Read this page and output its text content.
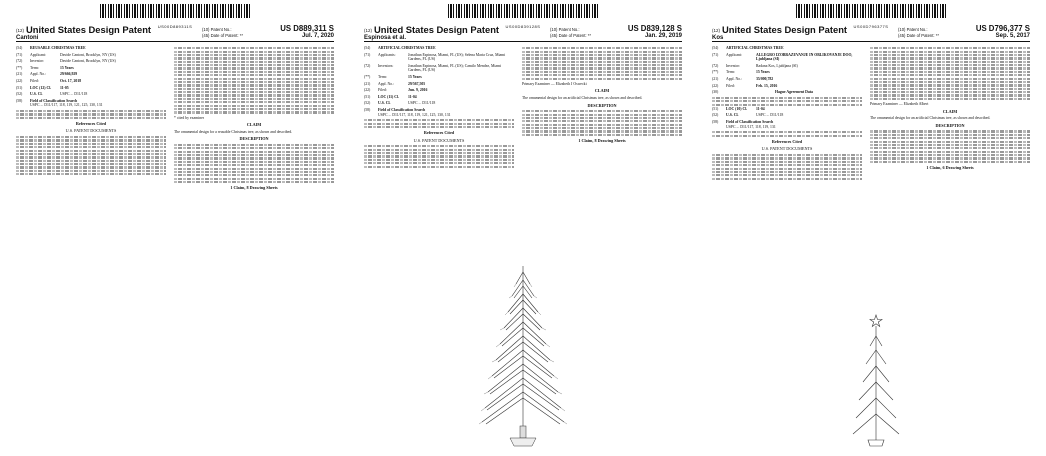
US00D889311S
(12) United States Design Patent
Cantoni
(10) Patent No.:	US D889,311 S
(45) Date of Patent: **	Jul. 7, 2020
(54)	REUSABLE CHRISTMAS TREE
(71)	Applicant:	Davide Cantoni, Brooklyn, NY (US)
(72)	Inventor:	Davide Cantoni, Brooklyn, NY (US)
(**)	Term:	15 Years
(21)	Appl. No.:	29/666,929
(22)	Filed:	Oct. 17, 2018
(51)	LOC (12) Cl.	11-05
(52)	U.S. Cl.	USPC ... D11/118
(58)	Field of Classification Search
USPC ... D11/117, 118, 119, 121, 125, 130, 131
References Cited
U.S. PATENT DOCUMENTS
* cited by examiner
CLAIM
The ornamental design for a reusable Christmas tree, as shown and described.
DESCRIPTION
1 Claim, 8 Drawing Sheets
US00D839128S
(12) United States Design Patent
Espinosa et al.
(10) Patent No.:	US D839,128 S
(45) Date of Patent: **	Jan. 29, 2019
(54)	ARTIFICIAL CHRISTMAS TREE
(71)	Applicants:	Jonathan Espinosa, Miami, FL (US); Selena Maria Cruz, Miami Gardens, FL (US)
(72)	Inventors:	Jonathan Espinosa, Miami, FL (US); Camilo Mendez, Miami Gardens, FL (US)
(**)	Term:	15 Years
(21)	Appl. No.:	29/567,505
(22)	Filed:	Jun. 9, 2016
(51)	LOC (11) Cl.	11-04
(52)	U.S. Cl.	USPC ... D11/118
(58)	Field of Classification Search
USPC ... D11/117, 118, 119, 121, 125, 130, 131
References Cited
U.S. PATENT DOCUMENTS
Primary Examiner — Elizabeth J Oswecki
CLAIM
The ornamental design for an artificial Christmas tree, as shown and described.
DESCRIPTION
1 Claim, 8 Drawing Sheets
US00D796377S
(12) United States Design Patent
Kos
(10) Patent No.:	US D796,377 S
(45) Date of Patent: **	Sep. 5, 2017
(54)	ARTIFICIAL CHRISTMAS TREE
(71)	Applicant:	ALLEGRO IZOBRAZEVANJE IN OBLIKOVANJE DOO, Ljubljana (SI)
(72)	Inventor:	Radana Kos, Ljubljana (SI)
(**)	Term:	15 Years
(21)	Appl. No.:	35/000,782
(22)	Filed:	Feb. 15, 2016
(30)	Hague Agreement Data
(51)	LOC (10) Cl.	11-04
(52)	U.S. Cl.	USPC ... D11/118
(58)	Field of Classification Search
USPC ... D11/117, 118, 119, 131
References Cited
U.S. PATENT DOCUMENTS
Primary Examiner — Elizabeth Albert
CLAIM
The ornamental design for an artificial Christmas tree, as shown and described.
DESCRIPTION
1 Claim, 6 Drawing Sheets
